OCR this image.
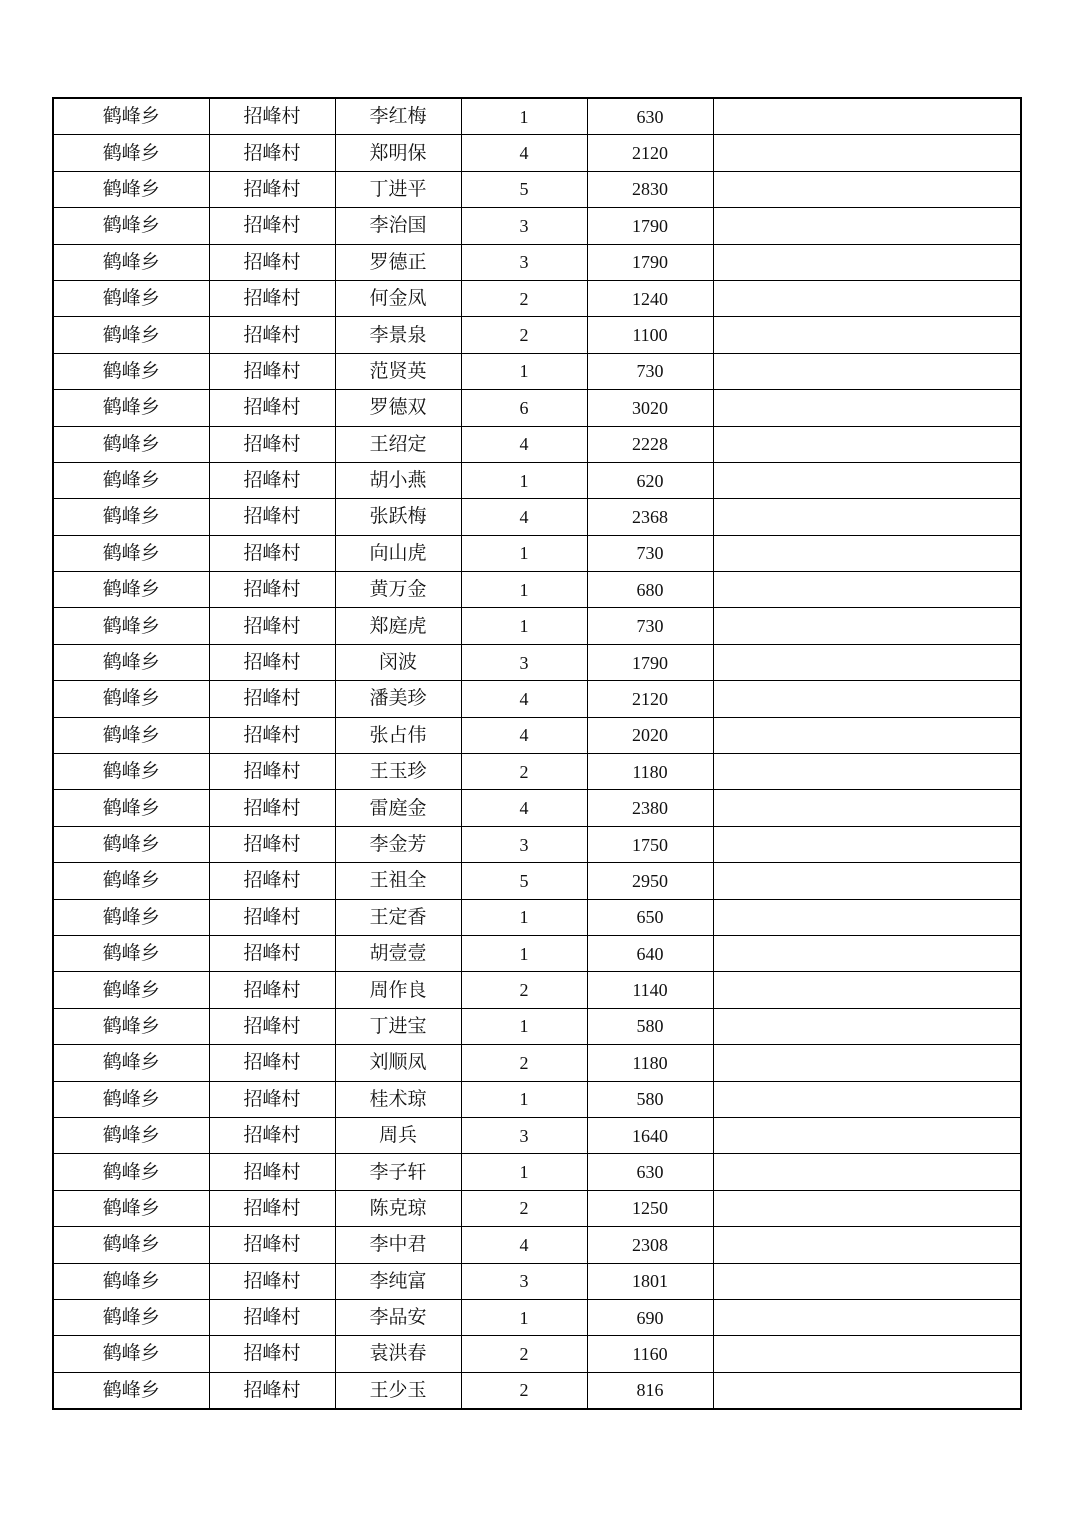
鹤峰乡	招峰村	李红梅	1	630	
鹤峰乡	招峰村	郑明保	4	2120	
鹤峰乡	招峰村	丁进平	5	2830	
鹤峰乡	招峰村	李治国	3	1790	
鹤峰乡	招峰村	罗德正	3	1790	
鹤峰乡	招峰村	何金凤	2	1240	
鹤峰乡	招峰村	李景泉	2	1100	
鹤峰乡	招峰村	范贤英	1	730	
鹤峰乡	招峰村	罗德双	6	3020	
鹤峰乡	招峰村	王绍定	4	2228	
鹤峰乡	招峰村	胡小燕	1	620	
鹤峰乡	招峰村	张跃梅	4	2368	
鹤峰乡	招峰村	向山虎	1	730	
鹤峰乡	招峰村	黄万金	1	680	
鹤峰乡	招峰村	郑庭虎	1	730	
鹤峰乡	招峰村	闵波	3	1790	
鹤峰乡	招峰村	潘美珍	4	2120	
鹤峰乡	招峰村	张占伟	4	2020	
鹤峰乡	招峰村	王玉珍	2	1180	
鹤峰乡	招峰村	雷庭金	4	2380	
鹤峰乡	招峰村	李金芳	3	1750	
鹤峰乡	招峰村	王祖全	5	2950	
鹤峰乡	招峰村	王定香	1	650	
鹤峰乡	招峰村	胡壹壹	1	640	
鹤峰乡	招峰村	周作良	2	1140	
鹤峰乡	招峰村	丁进宝	1	580	
鹤峰乡	招峰村	刘顺凤	2	1180	
鹤峰乡	招峰村	桂术琼	1	580	
鹤峰乡	招峰村	周兵	3	1640	
鹤峰乡	招峰村	李子轩	1	630	
鹤峰乡	招峰村	陈克琼	2	1250	
鹤峰乡	招峰村	李中君	4	2308	
鹤峰乡	招峰村	李纯富	3	1801	
鹤峰乡	招峰村	李品安	1	690	
鹤峰乡	招峰村	袁洪春	2	1160	
鹤峰乡	招峰村	王少玉	2	816	
